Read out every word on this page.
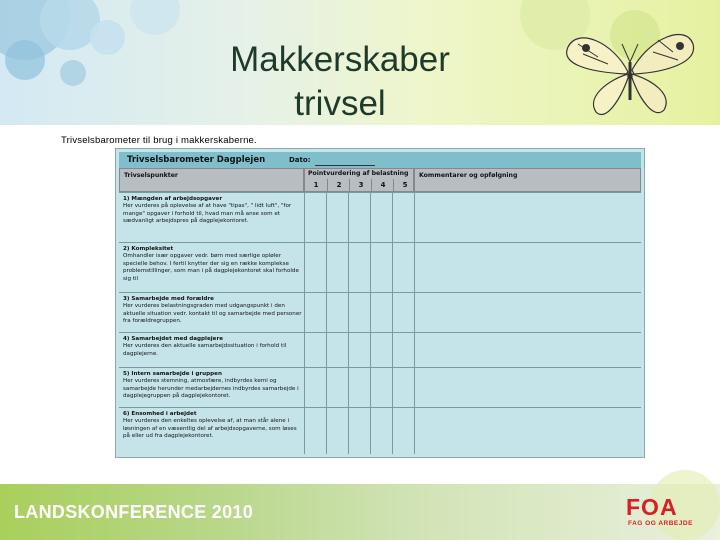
Makkerskaber
trivsel
Trivselsbarometer til brug i makkerskaberne.
Trivselsbarometer Dagplejen	Dato:
Trivselspunkter	Pointvurdering af belastning
1	2	3	4	5
Kommentarer og opfølgning
1) Mængden af arbejdsopgaver
Her vurderes på oplevelse af at have "tipas", " lidt luft", "for mange" opgaver i forhold til, hvad man må anse som et sædvanligt arbejdspres på dagplejekontoret.
2) Kompleksitet
Omhandler især opgaver vedr. børn med særlige opløler specielle behov. I fertil knytter der sig en række komplekse problemstillinger, som man i på dagplejekontoret skal forholde sig til
3) Samarbejde med forældre
Her vurderes belastningsgraden med udgangspunkt i den aktuelle situation vedr. kontakt til og samarbejde med personer fra forældregruppen.
4) Samarbejdet med dagplejere
Her vurderes den aktuelle samarbejdssituation i forhold til dagplejerne.
5) Intern samarbejde i gruppen
Her vurderes stemning, atmosfære, indbyrdes kemi og samarbejde herunder medarbejdernes indbyrdes samarbejde i dagplejegruppen på dagplejekontoret.
6) Ensomhed i arbejdet
Her vurderes den enkeltes oplevelse af, at man står alene i løsningen af en væsentlig del af arbejdsopgaverne, som løses på eller ud fra dagplejekontoret.
LANDSKONFERENCE 2010	FOA
FAG OG ARBEJDE
